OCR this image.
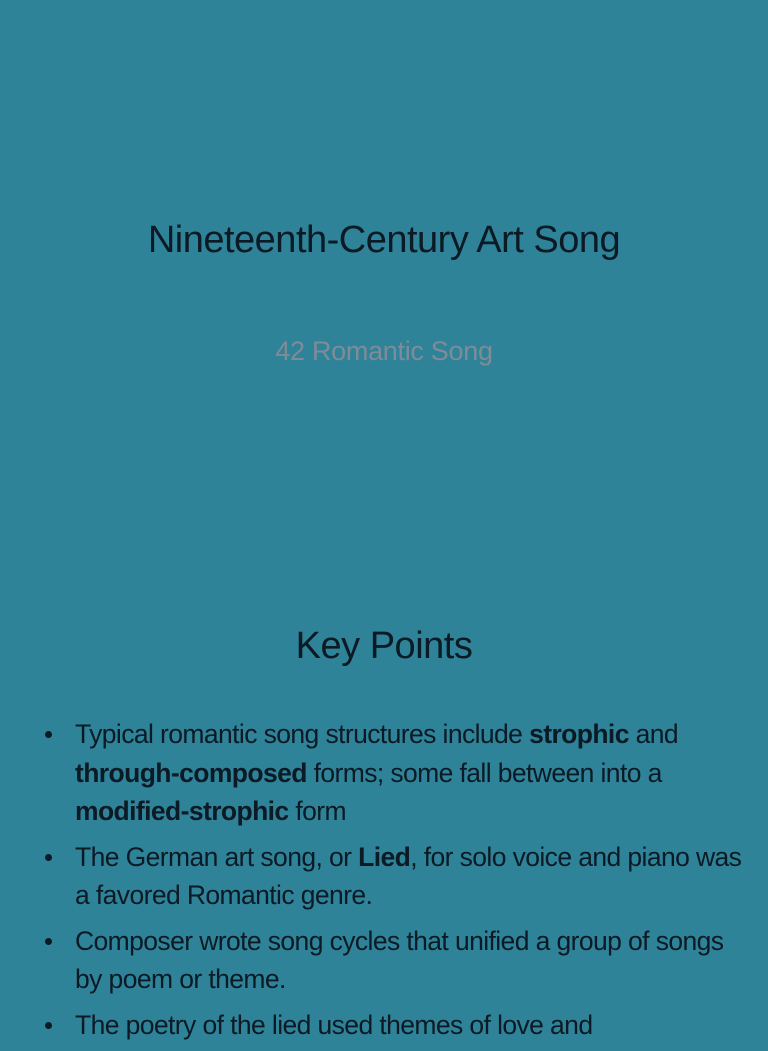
Nineteenth-Century Art Song

42 Romantic Song

Key Points
Typical romantic song structures include strophic and through-composed forms; some fall between into a modified-strophic form
The German art song, or Lied, for solo voice and piano was a favored Romantic genre.
Composer wrote song cycles that unified a group of songs by poem or theme.
The poetry of the lied used themes of love and
